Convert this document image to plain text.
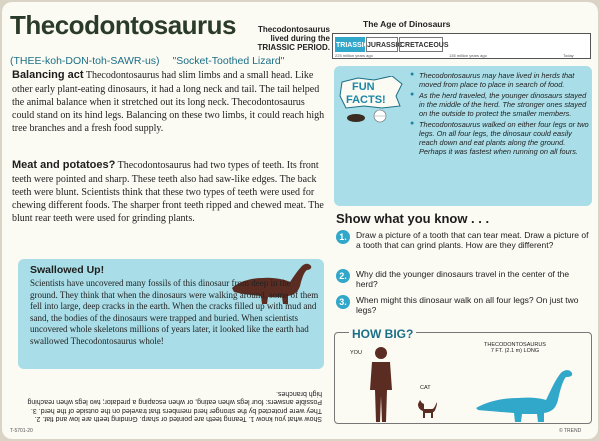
Thecodontosaurus
(THEE-koh-DON-toh-SAWR-us) "Socket-Toothed Lizard"
Thecodontosaurus
lived during the
TRIASSIC PERIOD.
The Age of Dinosaurs
TRIASSIC
JURASSIC
CRETACEOUS
225 million years ago	135 million years ago	Today
Balancing act Thecodontosaurus had slim limbs and a small head. Like other early plant-eating dinosaurs, it had a long neck and tail. The tail helped the animal balance when it stretched out its long neck. Thecodontosaurus could stand on its hind legs. Balancing on these two limbs, it could reach high tree branches and a fresh food supply.
Meat and potatoes? Thecodontosaurus had two types of teeth. Its front teeth were pointed and sharp. These teeth also had saw-like edges. The back teeth were blunt. Scientists think that these two types of teeth were used for chewing different foods. The sharper front teeth ripped and chewed meat. The blunt rear teeth were used for grinding plants.
Swallowed Up!
Scientists have uncovered many fossils of this dinosaur from deep in the ground. They think that when the dinosaurs were walking around, some of them fell into large, deep cracks in the earth. When the cracks filled up with mud and sand, the bodies of the dinosaurs were trapped and buried. When scientists uncovered whole skeletons millions of years later, it looked like the earth had swallowed Thecodontosaurus whole!
FUN
FACTS!
● Thecodontosaurus may have lived in herds that moved from place to place in search of food.
● As the herd traveled, the younger dinosaurs stayed in the middle of the herd. The stronger ones stayed on the outside to protect the smaller members.
● Thecodontosaurus walked on either four legs or two legs. On all four legs, the dinosaur could easily reach down and eat plants along the ground. Perhaps it was fastest when running on all fours.
Show what you know . . .
1.	Draw a picture of a tooth that can tear meat. Draw a picture of a tooth that can grind plants. How are they different?
2.	Why did the younger dinosaurs travel in the center of the herd?
3.	When might this dinosaur walk on all four legs? On just two legs?
HOW BIG?
YOU
CAT
THECODONTOSAURUS
7 FT. (2.1 m) LONG
Show what you know 1. Tearing teeth are pointed or sharp. Grinding teeth are low and flat. 2. They were protected by the stronger herd members that traveled on the outside of the herd. 3. Possible answers: four legs when eating, or when escaping a predator; two legs when reaching high branches.
T-5701-20	© TREND
